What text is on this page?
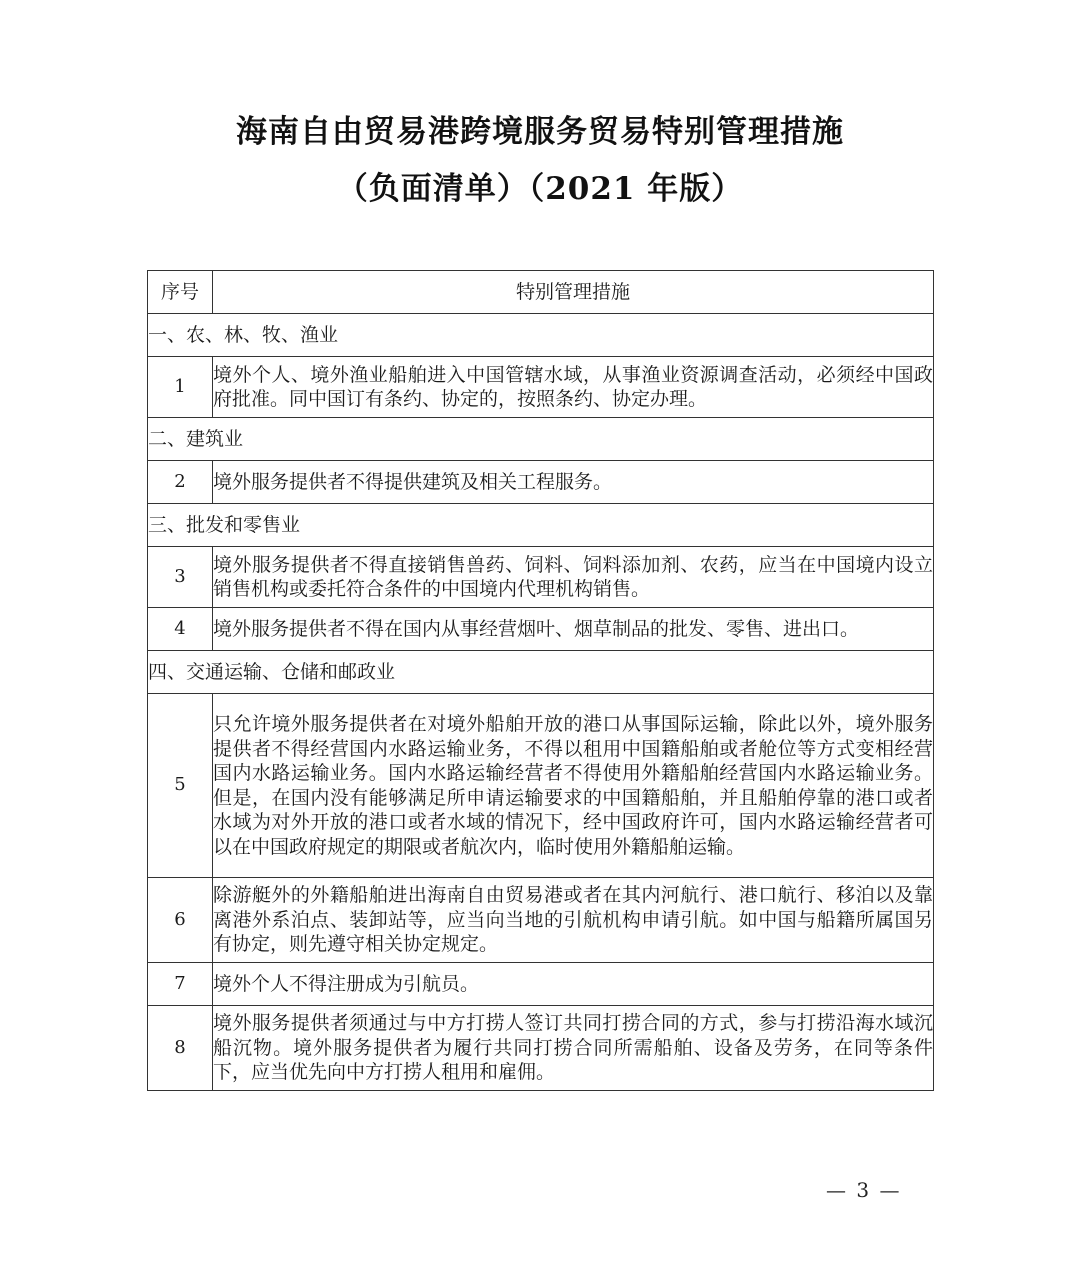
海南自由贸易港跨境服务贸易特别管理措施
（负面清单）（2021 年版）
序号	特别管理措施
一、农、林、牧、渔业	
1	境外个人、境外渔业船舶进入中国管辖水域，从事渔业资源调查活动，必须经中国政府批准。同中国订有条约、协定的，按照条约、协定办理。
二、建筑业	
2	境外服务提供者不得提供建筑及相关工程服务。
三、批发和零售业	
3	境外服务提供者不得直接销售兽药、饲料、饲料添加剂、农药，应当在中国境内设立销售机构或委托符合条件的中国境内代理机构销售。
4	境外服务提供者不得在国内从事经营烟叶、烟草制品的批发、零售、进出口。
四、交通运输、仓储和邮政业	
5	只允许境外服务提供者在对境外船舶开放的港口从事国际运输，除此以外，境外服务提供者不得经营国内水路运输业务，不得以租用中国籍船舶或者舱位等方式变相经营国内水路运输业务。国内水路运输经营者不得使用外籍船舶经营国内水路运输业务。但是，在国内没有能够满足所申请运输要求的中国籍船舶，并且船舶停靠的港口或者水域为对外开放的港口或者水域的情况下，经中国政府许可，国内水路运输经营者可以在中国政府规定的期限或者航次内，临时使用外籍船舶运输。
6	除游艇外的外籍船舶进出海南自由贸易港或者在其内河航行、港口航行、移泊以及靠离港外系泊点、装卸站等，应当向当地的引航机构申请引航。如中国与船籍所属国另有协定，则先遵守相关协定规定。
7	境外个人不得注册成为引航员。
8	境外服务提供者须通过与中方打捞人签订共同打捞合同的方式，参与打捞沿海水域沉船沉物。境外服务提供者为履行共同打捞合同所需船舶、设备及劳务，在同等条件下，应当优先向中方打捞人租用和雇佣。
— 3 —
